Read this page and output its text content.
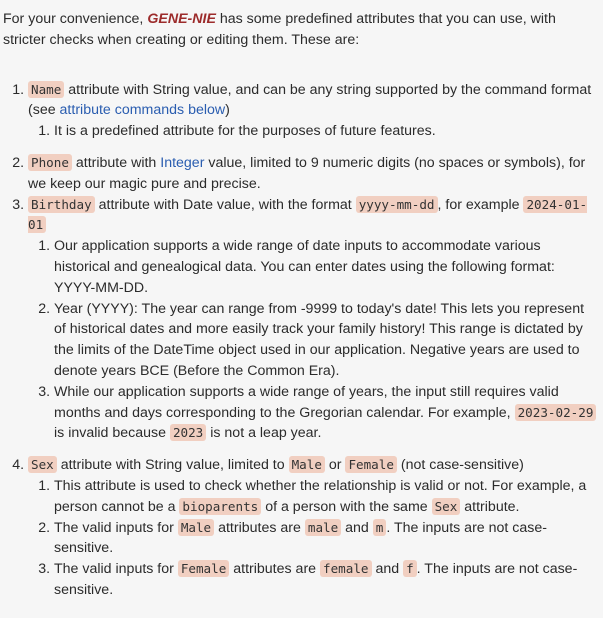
For your convenience, GENE-NIE has some predefined attributes that you can use, with stricter checks when creating or editing them. These are:

1. Name attribute with String value, and can be any string supported by the command format (see attribute commands below)
1. It is a predefined attribute for the purposes of future features.
2. Phone attribute with Integer value, limited to 9 numeric digits (no spaces or symbols), for we keep our magic pure and precise.
3. Birthday attribute with Date value, with the format yyyy-mm-dd , for example 2024-01-01
1. Our application supports a wide range of date inputs to accommodate various historical and genealogical data. You can enter dates using the following format: YYYY-MM-DD.
2. Year (YYYY): The year can range from -9999 to today's date! This lets you represent of historical dates and more easily track your family history! This range is dictated by the limits of the DateTime object used in our application. Negative years are used to denote years BCE (Before the Common Era).
3. While our application supports a wide range of years, the input still requires valid months and days corresponding to the Gregorian calendar. For example, 2023-02-29 is invalid because 2023 is not a leap year.
4. Sex attribute with String value, limited to Male or Female (not case-sensitive)
1. This attribute is used to check whether the relationship is valid or not. For example, a person cannot be a bioparents of a person with the same Sex attribute.
2. The valid inputs for Male attributes are male and m . The inputs are not case-sensitive.
3. The valid inputs for Female attributes are female and f . The inputs are not case-sensitive.
